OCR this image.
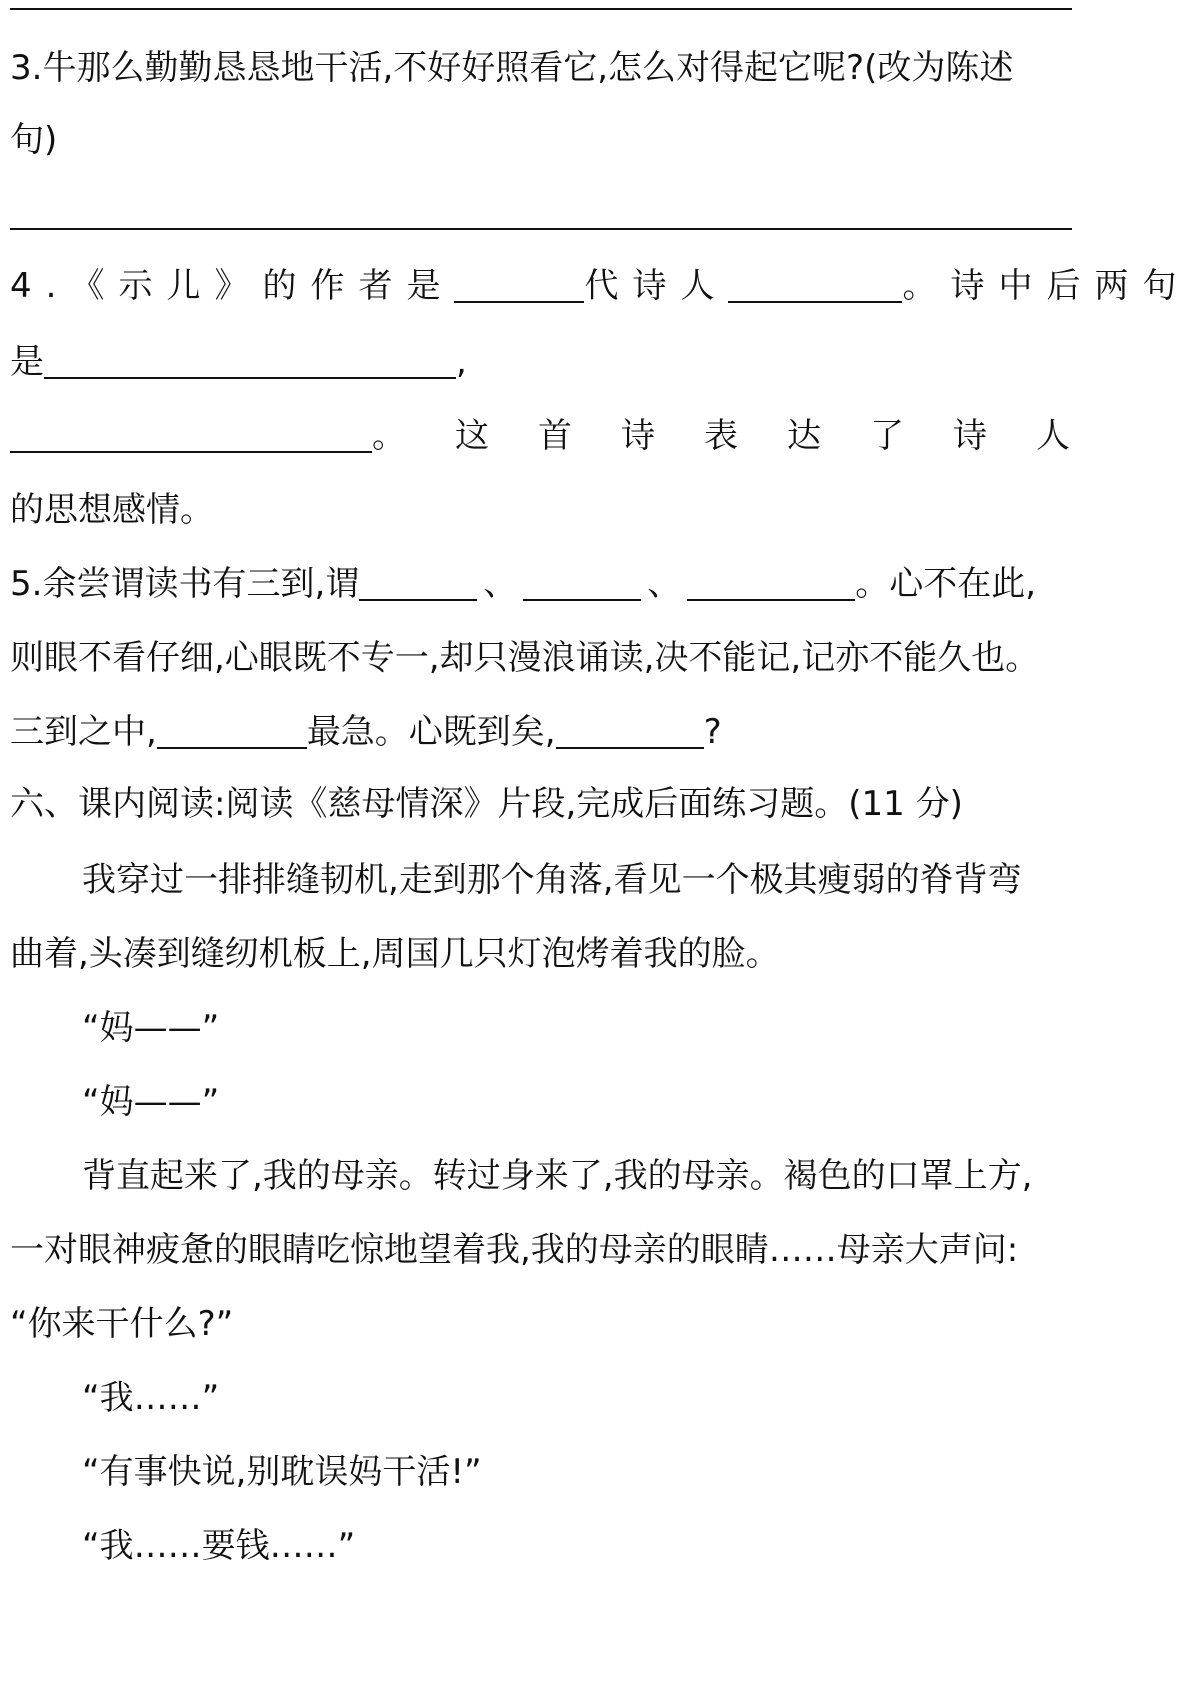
3.牛那么勤勤恳恳地干活,不好好照看它,怎么对得起它呢?(改为陈述
句)
4.《示儿》的作者是	代诗人	。诗中后两句
是	,
。 这 首 诗 表 达 了 诗 人
的思想感情。
5.余尝谓读书有三到,谓	、	、	。心不在此,
则眼不看仔细,心眼既不专一,却只漫浪诵读,决不能记,记亦不能久也。
三到之中,	最急。心既到矣,	?
六、课内阅读:阅读《慈母情深》片段,完成后面练习题。(11 分)
我穿过一排排缝韧机,走到那个角落,看见一个极其瘦弱的脊背弯
曲着,头凑到缝纫机板上,周国几只灯泡烤着我的脸。
“妈——”
“妈——”
背直起来了,我的母亲。转过身来了,我的母亲。褐色的口罩上方,
一对眼神疲惫的眼睛吃惊地望着我,我的母亲的眼睛……母亲大声问:
“你来干什么?”
“我……”
“有事快说,别耽误妈干活!”
“我……要钱……”
